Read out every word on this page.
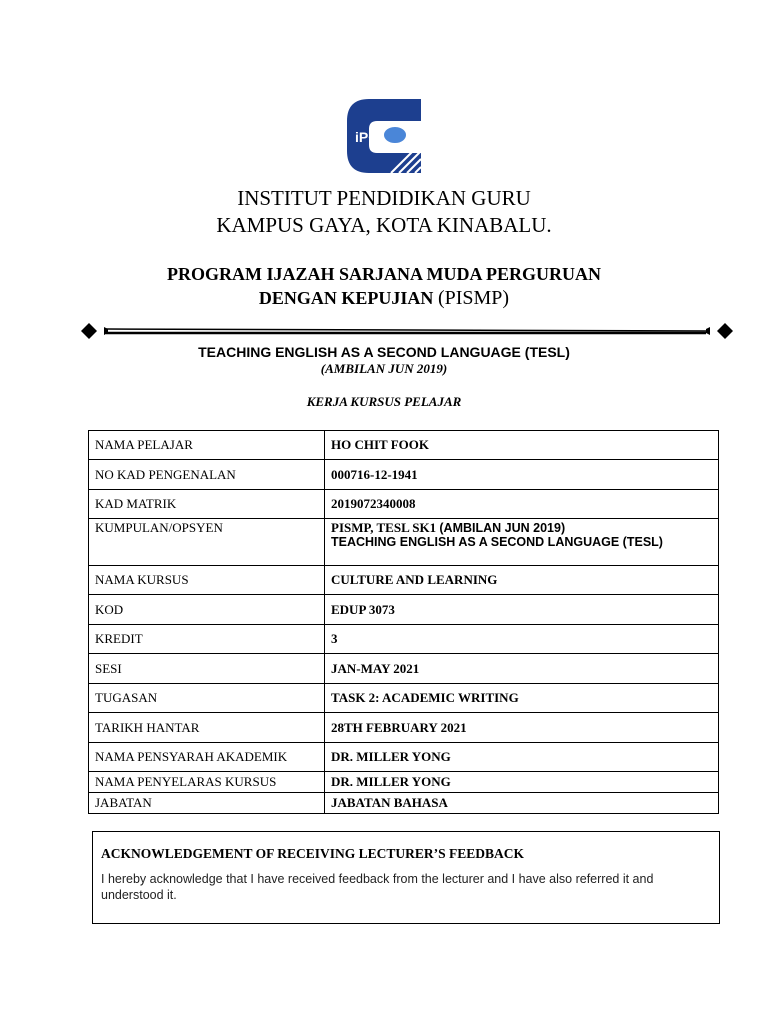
iPG
INSTITUT PENDIDIKAN GURU
KAMPUS GAYA, KOTA KINABALU.
PROGRAM IJAZAH SARJANA MUDA PERGURUAN
DENGAN KEPUJIAN (PISMP)
TEACHING ENGLISH AS A SECOND LANGUAGE (TESL)
(AMBILAN JUN 2019)
KERJA KURSUS PELAJAR
NAMA PELAJAR	HO CHIT FOOK
NO KAD PENGENALAN	000716-12-1941
KAD MATRIK	2019072340008
KUMPULAN/OPSYEN	PISMP, TESL SK1 (AMBILAN JUN 2019)
TEACHING ENGLISH AS A SECOND LANGUAGE (TESL)
NAMA KURSUS	CULTURE AND LEARNING
KOD	EDUP 3073
KREDIT	3
SESI	JAN-MAY 2021
TUGASAN	TASK 2: ACADEMIC WRITING
TARIKH HANTAR	28TH FEBRUARY 2021
NAMA PENSYARAH AKADEMIK	DR. MILLER YONG
NAMA PENYELARAS KURSUS	DR. MILLER YONG
JABATAN	JABATAN BAHASA
ACKNOWLEDGEMENT OF RECEIVING LECTURER’S FEEDBACK
I hereby acknowledge that I have received feedback from the lecturer and I have also referred it and understood it.
